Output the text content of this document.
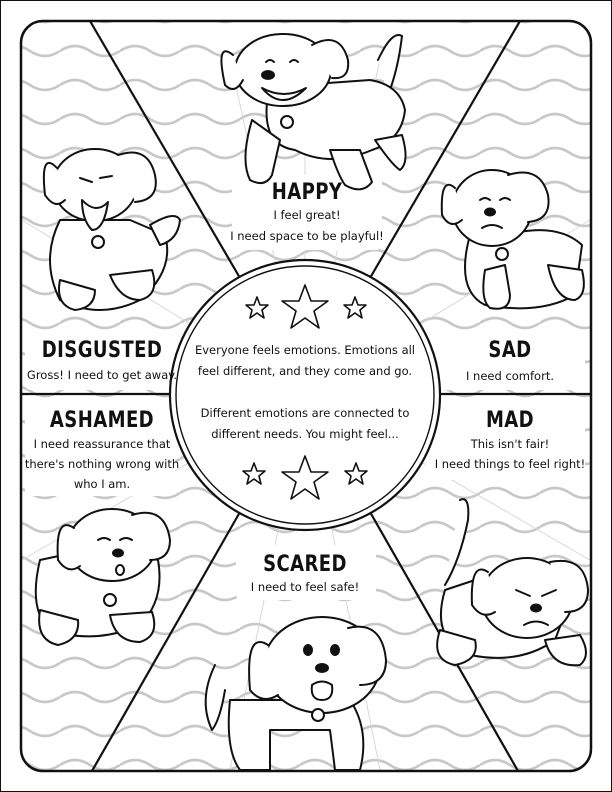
HAPPY

I feel great!

I need space to be playful!

SAD

I need comfort.

MAD

This isn't fair!

I need things to feel right!

SCARED

I need to feel safe!

DISGUSTED

Gross! I need to get away.

ASHAMED

I need reassurance that

there's nothing wrong with

who I am.

Everyone feels emotions. Emotions all

feel different, and they come and go.

Different emotions are connected to

different needs. You might feel...
